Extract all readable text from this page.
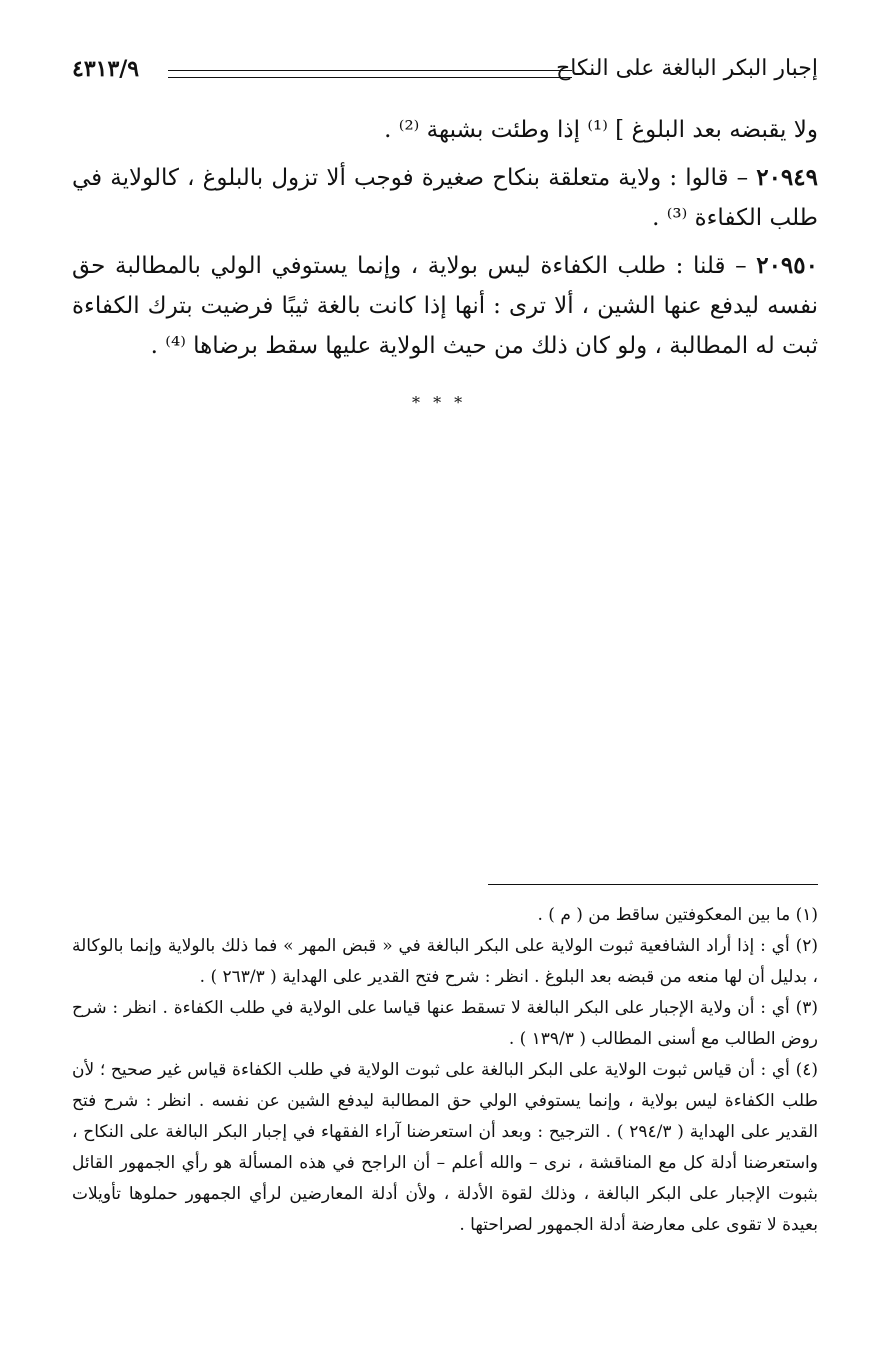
إجبار البكر البالغة على النكاح
٤٣١٣/٩

ولا يقبضه بعد البلوغ ] ⁽¹⁾ إذا وطئت بشبهة ⁽²⁾ .

٢٠٩٤٩ – قالوا : ولاية متعلقة بنكاح صغيرة فوجب ألا تزول بالبلوغ ، كالولاية في طلب الكفاءة ⁽³⁾ .

٢٠٩٥٠ – قلنا : طلب الكفاءة ليس بولاية ، وإنما يستوفي الولي بالمطالبة حق نفسه ليدفع عنها الشين ، ألا ترى : أنها إذا كانت بالغة ثيبًا فرضيت بترك الكفاءة ثبت له المطالبة ، ولو كان ذلك من حيث الولاية عليها سقط برضاها ⁽⁴⁾ .

* * *

(١) ما بين المعكوفتين ساقط من ( م ) .

(٢) أي : إذا أراد الشافعية ثبوت الولاية على البكر البالغة في « قبض المهر » فما ذلك بالولاية وإنما بالوكالة ، بدليل أن لها منعه من قبضه بعد البلوغ . انظر : شرح فتح القدير على الهداية ( ٢٦٣/٣ ) .

(٣) أي : أن ولاية الإجبار على البكر البالغة لا تسقط عنها قياسا على الولاية في طلب الكفاءة . انظر : شرح روض الطالب مع أسنى المطالب ( ١٣٩/٣ ) .

(٤) أي : أن قياس ثبوت الولاية على البكر البالغة على ثبوت الولاية في طلب الكفاءة قياس غير صحيح ؛ لأن طلب الكفاءة ليس بولاية ، وإنما يستوفي الولي حق المطالبة ليدفع الشين عن نفسه . انظر : شرح فتح القدير على الهداية ( ٢٩٤/٣ ) . الترجيح : وبعد أن استعرضنا آراء الفقهاء في إجبار البكر البالغة على النكاح ، واستعرضنا أدلة كل مع المناقشة ، نرى – والله أعلم – أن الراجح في هذه المسألة هو رأي الجمهور القائل بثبوت الإجبار على البكر البالغة ، وذلك لقوة الأدلة ، ولأن أدلة المعارضين لرأي الجمهور حملوها تأويلات بعيدة لا تقوى على معارضة أدلة الجمهور لصراحتها .
